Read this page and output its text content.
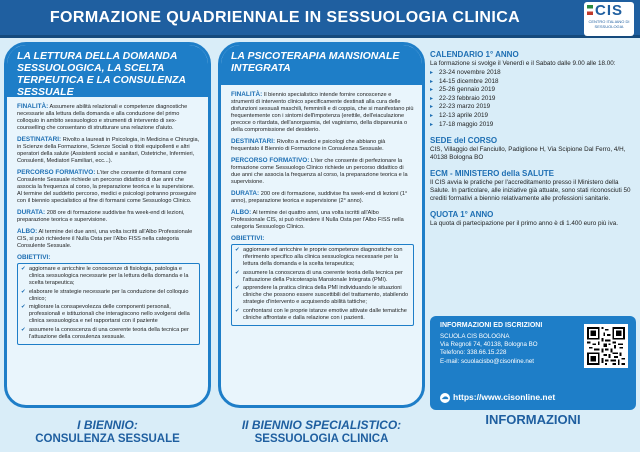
FORMAZIONE QUADRIENNALE IN SESSUOLOGIA CLINICA	CIS
CENTRO ITALIANO DI SESSUOLOGIA
LA LETTURA DELLA DOMANDA SESSUOLOGICA, LA SCELTA TERPEUTICA E LA CONSULENZA SESSUALE
FINALITÀ: Assumere abilità relazionali e competenze diagnostiche necessarie alla lettura della domanda e alla conduzione del primo colloquio in ambito sessuologico e strumenti di intervento di sex-counselling che consentano di strutturare una relazione d'aiuto.
DESTINATARI: Rivolto a laureati in Psicologia, in Medicina e Chirurgia, in Scienze della Formazione, Scienze Sociali o titoli equipollenti e altri operatori della salute (Assistenti sociali e sanitari, Ostetriche, Infermieri, Consulenti, Mediatori Familiari, ecc...).
PERCORSO FORMATIVO: L'iter che consente di formarsi come Consulente Sessuale richiede un percorso didattico di due anni che associa la frequenza al corso, la preparazione teorica e la supervisione. Al termine del suddetto percorso, medici e psicologi potranno proseguire con il biennio specialistico al fine di formarsi come Sessuologo Clinico.
DURATA: 208 ore di formazione suddivise fra week-end di lezioni, preparazione teorica e supervisione.
ALBO: Al termine dei due anni, una volta iscritti all'Albo Professionale CIS, si può richiedere il Nulla Osta per l'Albo FISS nella categoria Consulente Sessuale.
OBIETTIVI:
✔ aggiornare e arricchire le conoscenze di fisiologia, patologia e clinica sessuologica necessarie per la lettura della domanda e la scelta terapeutica;
✔ elaborare le strategie necessarie per la conduzione del colloquio clinico;
✔ migliorare la consapevolezza delle componenti personali, professionali e istituzionali che interagiscono nello svolgersi della clinica sessuologica e nel rapportarsi con il paziente
✔ assumere la conoscenza di una coerente teoria della tecnica per l'attuazione della consulenza sessuale.
LA PSICOTERAPIA MANSIONALE INTEGRATA
FINALITÀ: Il biennio specialistico intende fornire conoscenze e strumenti di intervento clinico specificamente destinati alla cura delle disfunzioni sessuali maschili, femminili e di coppia, che si manifestano più frequentemente con i sintomi dell'impotenza (erettile, dell'eiaculazione precoce o ritardata, dell'anorgasmia, del vaginismo, della dispareunia o della compromissione del desiderio.
DESTINATARI: Rivolto a medici e psicologi che abbiano già frequentato il Biennio di Formazione in Consulenza Sessuale.
PERCORSO FORMATIVO: L'iter che consente di perfezionare la formazione come Sessuologo Clinico richiede un percorso didattico di due anni che associa la frequenza al corso, la preparazione teorica e la supervisione.
DURATA: 200 ore di formazione, suddivise fra week-end di lezioni (1° anno), preparazione teorica e supervisione (2° anno).
ALBO: Al termine dei quattro anni, una volta iscritti all'Albo Professionale CIS, si può richiedere il Nulla Osta per l'Albo FISS nella categoria Sessuologo Clinico.
OBIETTIVI:
✔ aggiornare ed arricchire le proprie competenze diagnostiche con riferimento specifico alla clinica sessuologica necessarie per la lettura della domanda e la scelta terapeutica;
✔ assumere la conoscenza di una coerente teoria della tecnica per l'attuazione della Psicoterapia Mansionale Integrata (PMI).
✔ apprendere la pratica clinica della PMI individuando le situazioni cliniche che possono essere suscettibili del trattamento, stabilendo strategie d'intervento e acquisendo abilità tattiche;
✔ confrontarsi con le proprie istanze emotive attivate dalle tematiche cliniche affrontate e dalla relazione con i pazienti.
CALENDARIO 1° ANNO
La formazione si svolge il Venerdì e il Sabato dalle 9.00 alle 18.00:
▸ 23-24 novembre 2018
▸ 14-15 dicembre 2018
▸ 25-26 gennaio 2019
▸ 22-23 febbraio 2019
▸ 22-23 marzo 2019
▸ 12-13 aprile 2019
▸ 17-18 maggio 2019
SEDE del CORSO
CIS, Villaggio del Fanciullo, Padiglione H, Via Scipione Dal Ferro, 4/H, 40138 Bologna BO
ECM - MINISTERO della SALUTE
Il CIS avvia le pratiche per l'accreditamento presso il Ministero della Salute. In particolare, alle iniziative già attuate, sono stati riconosciuti 50 crediti formativi a biennio relativamente alle professioni sanitarie.
QUOTA 1° ANNO
La quota di partecipazione per il primo anno è di 1.400 euro più iva.
INFORMAZIONI ED ISCRIZIONI
SCUOLA CIS BOLOGNA
Via Regnoli 74, 40138, Bologna BO
Telefono: 338.66.15.228
E-mail: scuolacisbo@cisonline.net
☁ https://www.cisonline.net
I BIENNIO:
CONSULENZA SESSUALE
II BIENNIO SPECIALISTICO:
SESSUOLOGIA CLINICA
INFORMAZIONI
